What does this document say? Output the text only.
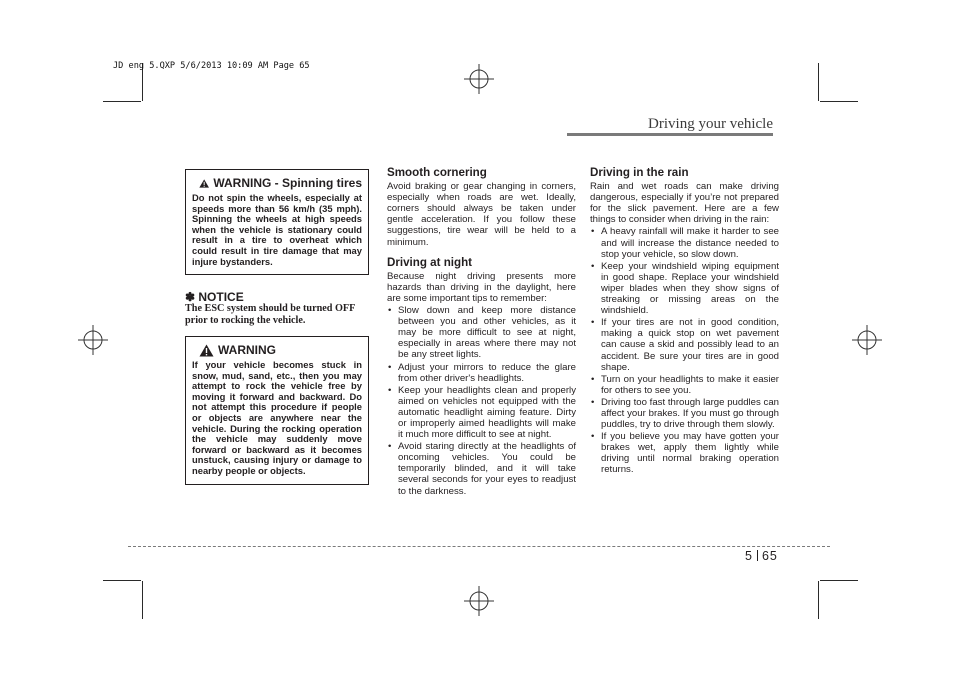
JD eng 5.QXP 5/6/2013 10:09 AM Page 65
Driving your vehicle
WARNING - Spinning tires
Do not spin the wheels, especially at speeds more than 56 km/h (35 mph). Spinning the wheels at high speeds when the vehicle is stationary could result in a tire to overheat which could result in tire damage that may injure bystanders.
✽ NOTICE
The ESC system should be turned OFF prior to rocking the vehicle.
WARNING
If your vehicle becomes stuck in snow, mud, sand, etc., then you may attempt to rock the vehicle free by moving it forward and backward. Do not attempt this procedure if people or objects are anywhere near the vehicle. During the rocking operation the vehicle may suddenly move forward or backward as it becomes unstuck, causing injury or damage to nearby people or objects.
Smooth cornering

Avoid braking or gear changing in corners, especially when roads are wet. Ideally, corners should always be taken under gentle acceleration. If you follow these suggestions, tire wear will be held to a minimum.

Driving at night

Because night driving presents more hazards than driving in the daylight, here are some important tips to remember:

• Slow down and keep more distance between you and other vehicles, as it may be more difficult to see at night, especially in areas where there may not be any street lights.
• Adjust your mirrors to reduce the glare from other driver's headlights.
• Keep your headlights clean and properly aimed on vehicles not equipped with the automatic headlight aiming feature. Dirty or improperly aimed headlights will make it much more difficult to see at night.
• Avoid staring directly at the headlights of oncoming vehicles. You could be temporarily blinded, and it will take several seconds for your eyes to readjust to the darkness.
Driving in the rain

Rain and wet roads can make driving dangerous, especially if you’re not prepared for the slick pavement. Here are a few things to consider when driving in the rain:

• A heavy rainfall will make it harder to see and will increase the distance needed to stop your vehicle, so slow down.
• Keep your windshield wiping equipment in good shape. Replace your windshield wiper blades when they show signs of streaking or missing areas on the windshield.
• If your tires are not in good condition, making a quick stop on wet pavement can cause a skid and possibly lead to an accident. Be sure your tires are in good shape.
• Turn on your headlights to make it easier for others to see you.
• Driving too fast through large puddles can affect your brakes. If you must go through puddles, try to drive through them slowly.
• If you believe you may have gotten your brakes wet, apply them lightly while driving until normal braking operation returns.
5 65
